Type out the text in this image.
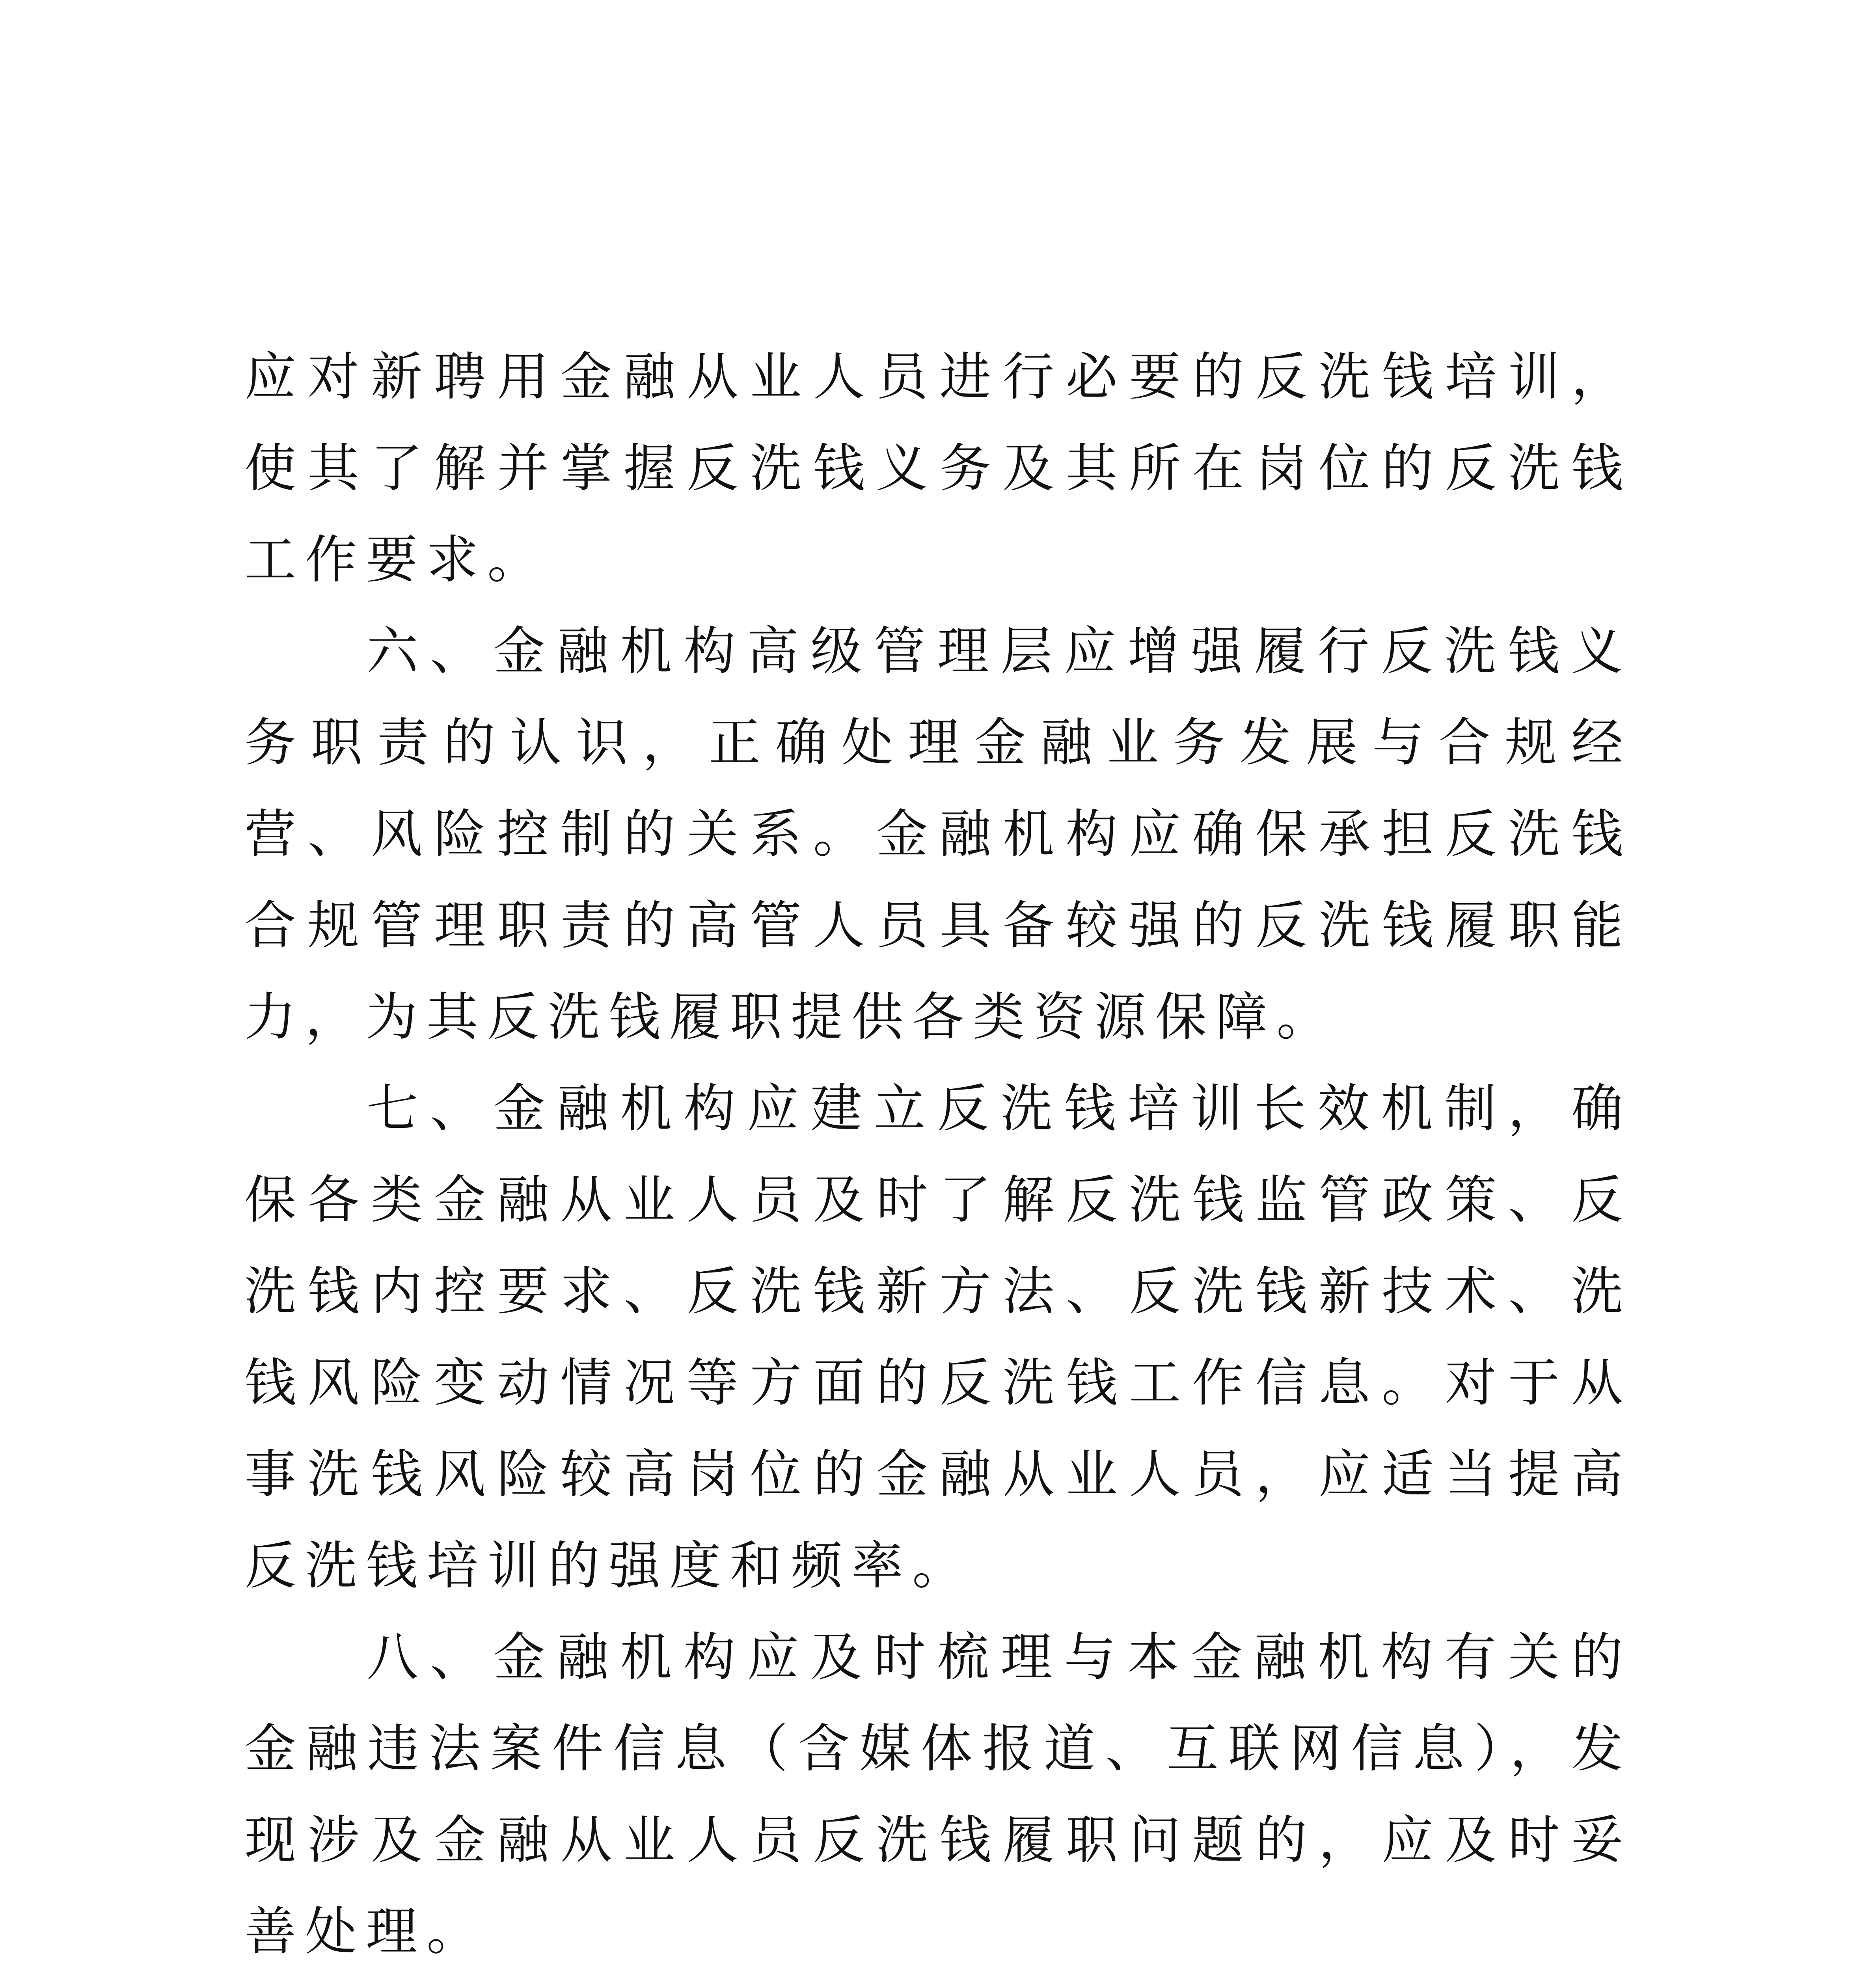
应对新聘用金融从业人员进行必要的反洗钱培训，使其了解并掌握反洗钱义务及其所在岗位的反洗钱工作要求。

六、金融机构高级管理层应增强履行反洗钱义务职责的认识，正确处理金融业务发展与合规经营、风险控制的关系。金融机构应确保承担反洗钱合规管理职责的高管人员具备较强的反洗钱履职能力，为其反洗钱履职提供各类资源保障。

七、金融机构应建立反洗钱培训长效机制，确保各类金融从业人员及时了解反洗钱监管政策、反洗钱内控要求、反洗钱新方法、反洗钱新技术、洗钱风险变动情况等方面的反洗钱工作信息。对于从事洗钱风险较高岗位的金融从业人员，应适当提高反洗钱培训的强度和频率。

八、金融机构应及时梳理与本金融机构有关的金融违法案件信息（含媒体报道、互联网信息），发现涉及金融从业人员反洗钱履职问题的，应及时妥善处理。
